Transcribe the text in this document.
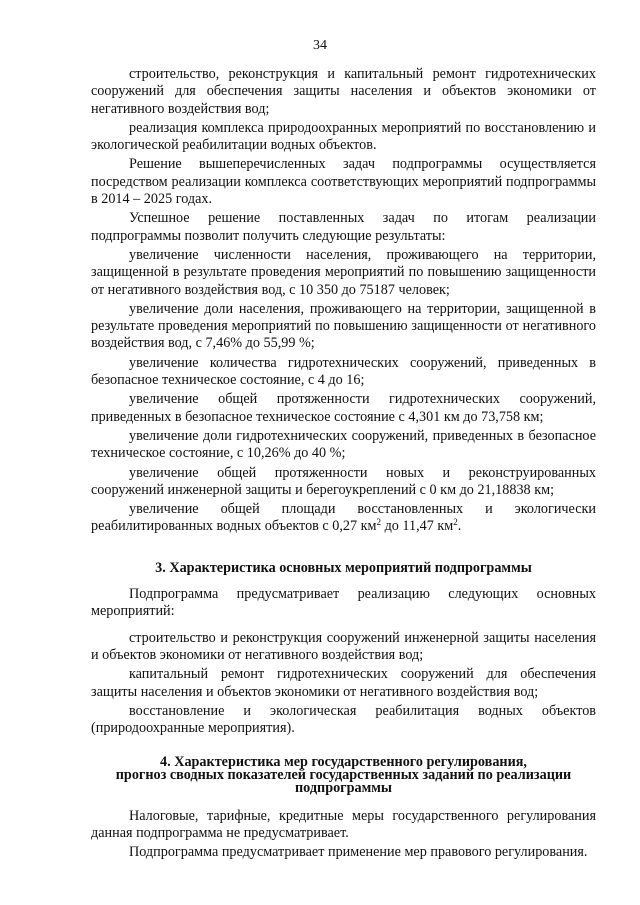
34

строительство, реконструкция и капитальный ремонт гидротехнических сооружений для обеспечения защиты населения и объектов экономики от негативного воздействия вод;

реализация комплекса природоохранных мероприятий по восстановлению и экологической реабилитации водных объектов.

Решение вышеперечисленных задач подпрограммы осуществляется посредством реализации комплекса соответствующих мероприятий подпрограммы в 2014 – 2025 годах.

Успешное решение поставленных задач по итогам реализации подпрограммы позволит получить следующие результаты:

увеличение численности населения, проживающего на территории, защищенной в результате проведения мероприятий по повышению защищенности от негативного воздействия вод, с 10 350 до 75187 человек;

увеличение доли населения, проживающего на территории, защищенной в результате проведения мероприятий по повышению защищенности от негативного воздействия вод, с 7,46% до 55,99 %;

увеличение количества гидротехнических сооружений, приведенных в безопасное техническое состояние, с 4 до 16;

увеличение общей протяженности гидротехнических сооружений, приведенных в безопасное техническое состояние с 4,301 км до 73,758 км;

увеличение доли гидротехнических сооружений, приведенных в безопасное техническое состояние, с 10,26% до 40 %;

увеличение общей протяженности новых и реконструированных сооружений инженерной защиты и берегоукреплений с 0 км до 21,18838 км;

увеличение общей площади восстановленных и экологически реабилитированных водных объектов с 0,27 $км^2$ до 11,47 $км^2$.

3. Характеристика основных мероприятий подпрограммы

Подпрограмма предусматривает реализацию следующих основных мероприятий:

строительство и реконструкция сооружений инженерной защиты населения и объектов экономики от негативного воздействия вод;

капитальный ремонт гидротехнических сооружений для обеспечения защиты населения и объектов экономики от негативного воздействия вод;

восстановление и экологическая реабилитация водных объектов (природоохранные мероприятия).

4. Характеристика мер государственного регулирования,

прогноз сводных показателей государственных заданий по реализации

подпрограммы

Налоговые, тарифные, кредитные меры государственного регулирования данная подпрограмма не предусматривает.

Подпрограмма предусматривает применение мер правового регулирования.
